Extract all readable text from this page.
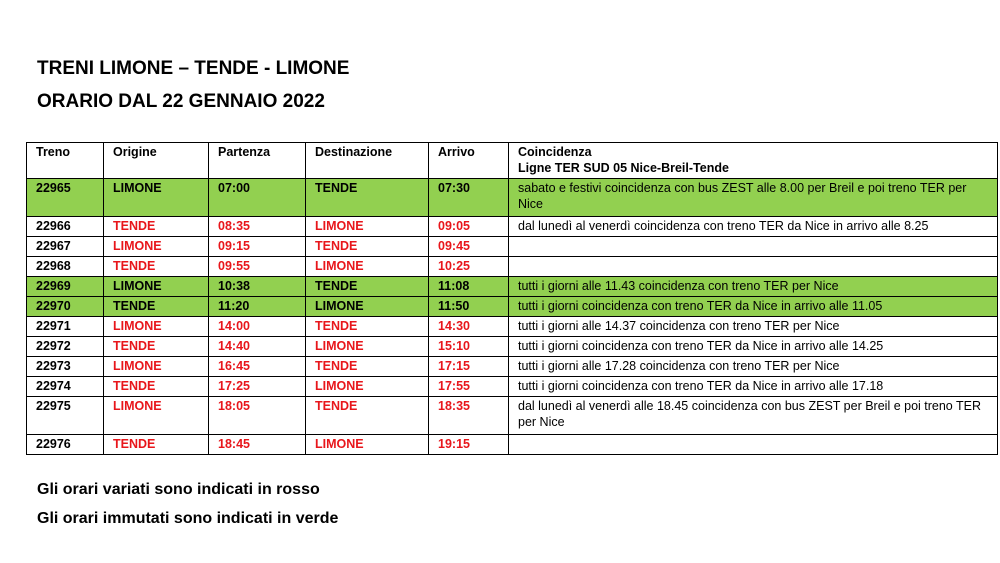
TRENI LIMONE – TENDE - LIMONE
ORARIO DAL 22 GENNAIO 2022
Treno	Origine	Partenza	Destinazione	Arrivo	Coincidenza
Ligne TER SUD 05 Nice-Breil-Tende

22965	LIMONE	07:00	TENDE	07:30	sabato e festivi coincidenza con bus ZEST alle 8.00 per Breil e poi treno TER per Nice
22966	TENDE	08:35	LIMONE	09:05	dal lunedì al venerdì coincidenza con treno TER da Nice in arrivo alle 8.25
22967	LIMONE	09:15	TENDE	09:45	
22968	TENDE	09:55	LIMONE	10:25	
22969	LIMONE	10:38	TENDE	11:08	tutti i giorni alle 11.43 coincidenza con treno TER per Nice
22970	TENDE	11:20	LIMONE	11:50	tutti i giorni coincidenza con treno TER da Nice in arrivo alle 11.05
22971	LIMONE	14:00	TENDE	14:30	tutti i giorni alle 14.37 coincidenza con treno TER per Nice
22972	TENDE	14:40	LIMONE	15:10	tutti i giorni coincidenza con treno TER da Nice in arrivo alle 14.25
22973	LIMONE	16:45	TENDE	17:15	tutti i giorni alle 17.28 coincidenza con treno TER per Nice
22974	TENDE	17:25	LIMONE	17:55	tutti i giorni coincidenza con treno TER da Nice in arrivo alle 17.18
22975	LIMONE	18:05	TENDE	18:35	dal lunedì al venerdì alle 18.45 coincidenza con bus ZEST per Breil e poi treno TER per Nice
22976	TENDE	18:45	LIMONE	19:15	
Gli orari variati sono indicati in rosso
Gli orari immutati sono indicati in verde
